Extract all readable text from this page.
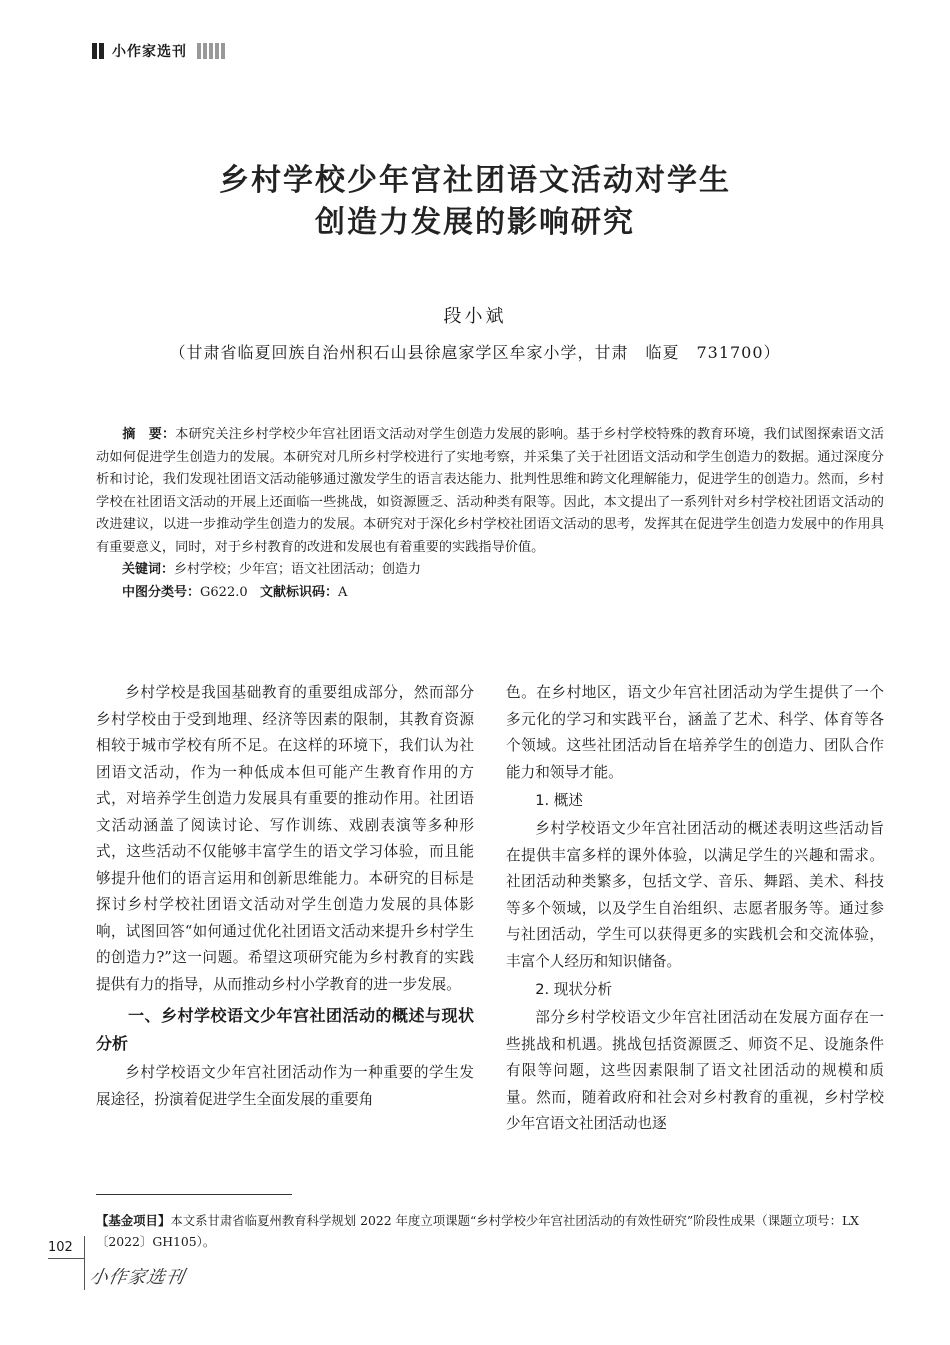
小作家选刊
乡村学校少年宫社团语文活动对学生
创造力发展的影响研究
段小斌
（甘肃省临夏回族自治州积石山县徐扈家学区牟家小学，甘肃　临夏　731700）

摘　要：本研究关注乡村学校少年宫社团语文活动对学生创造力发展的影响。基于乡村学校特殊的教育环境，我们试图探索语文活动如何促进学生创造力的发展。本研究对几所乡村学校进行了实地考察，并采集了关于社团语文活动和学生创造力的数据。通过深度分析和讨论，我们发现社团语文活动能够通过激发学生的语言表达能力、批判性思维和跨文化理解能力，促进学生的创造力。然而，乡村学校在社团语文活动的开展上还面临一些挑战，如资源匮乏、活动种类有限等。因此，本文提出了一系列针对乡村学校社团语文活动的改进建议，以进一步推动学生创造力的发展。本研究对于深化乡村学校社团语文活动的思考，发挥其在促进学生创造力发展中的作用具有重要意义，同时，对于乡村教育的改进和发展也有着重要的实践指导价值。

关键词：乡村学校；少年宫；语文社团活动；创造力

中图分类号：G622.0 文献标识码：A

乡村学校是我国基础教育的重要组成部分，然而部分乡村学校由于受到地理、经济等因素的限制，其教育资源相较于城市学校有所不足。在这样的环境下，我们认为社团语文活动，作为一种低成本但可能产生教育作用的方式，对培养学生创造力发展具有重要的推动作用。社团语文活动涵盖了阅读讨论、写作训练、戏剧表演等多种形式，这些活动不仅能够丰富学生的语文学习体验，而且能够提升他们的语言运用和创新思维能力。本研究的目标是探讨乡村学校社团语文活动对学生创造力发展的具体影响，试图回答“如何通过优化社团语文活动来提升乡村学生的创造力?”这一问题。希望这项研究能为乡村教育的实践提供有力的指导，从而推动乡村小学教育的进一步发展。

一、乡村学校语文少年宫社团活动的概述与现状分析

乡村学校语文少年宫社团活动作为一种重要的学生发展途径，扮演着促进学生全面发展的重要角

色。在乡村地区，语文少年宫社团活动为学生提供了一个多元化的学习和实践平台，涵盖了艺术、科学、体育等各个领域。这些社团活动旨在培养学生的创造力、团队合作能力和领导才能。

1. 概述

乡村学校语文少年宫社团活动的概述表明这些活动旨在提供丰富多样的课外体验，以满足学生的兴趣和需求。社团活动种类繁多，包括文学、音乐、舞蹈、美术、科技等多个领域，以及学生自治组织、志愿者服务等。通过参与社团活动，学生可以获得更多的实践机会和交流体验，丰富个人经历和知识储备。

2. 现状分析

部分乡村学校语文少年宫社团活动在发展方面存在一些挑战和机遇。挑战包括资源匮乏、师资不足、设施条件有限等问题，这些因素限制了语文社团活动的规模和质量。然而，随着政府和社会对乡村教育的重视，乡村学校少年宫语文社团活动也逐

【基金项目】本文系甘肃省临夏州教育科学规划 2022 年度立项课题“乡村学校少年宫社团活动的有效性研究”阶段性成果（课题立项号：LX〔2022〕GH105）。
102
小作家选刊
